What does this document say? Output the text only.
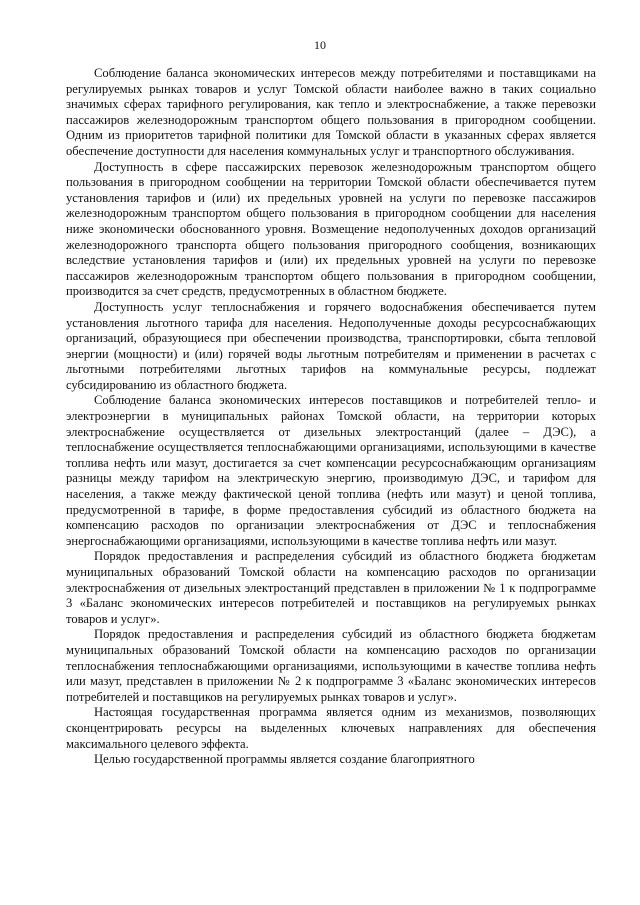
10

Соблюдение баланса экономических интересов между потребителями и поставщиками на регулируемых рынках товаров и услуг Томской области наиболее важно в таких социально значимых сферах тарифного регулирования, как тепло и электроснабжение, а также перевозки пассажиров железнодорожным транспортом общего пользования в пригородном сообщении. Одним из приоритетов тарифной политики для Томской области в указанных сферах является обеспечение доступности для населения коммунальных услуг и транспортного обслуживания.

Доступность в сфере пассажирских перевозок железнодорожным транспортом общего пользования в пригородном сообщении на территории Томской области обеспечивается путем установления тарифов и (или) их предельных уровней на услуги по перевозке пассажиров железнодорожным транспортом общего пользования в пригородном сообщении для населения ниже экономически обоснованного уровня. Возмещение недополученных доходов организаций железнодорожного транспорта общего пользования пригородного сообщения, возникающих вследствие установления тарифов и (или) их предельных уровней на услуги по перевозке пассажиров железнодорожным транспортом общего пользования в пригородном сообщении, производится за счет средств, предусмотренных в областном бюджете.

Доступность услуг теплоснабжения и горячего водоснабжения обеспечивается путем установления льготного тарифа для населения. Недополученные доходы ресурсоснабжающих организаций, образующиеся при обеспечении производства, транспортировки, сбыта тепловой энергии (мощности) и (или) горячей воды льготным потребителям и применении в расчетах с льготными потребителями льготных тарифов на коммунальные ресурсы, подлежат субсидированию из областного бюджета.

Соблюдение баланса экономических интересов поставщиков и потребителей тепло- и электроэнергии в муниципальных районах Томской области, на территории которых электроснабжение осуществляется от дизельных электростанций (далее – ДЭС), а теплоснабжение осуществляется теплоснабжающими организациями, использующими в качестве топлива нефть или мазут, достигается за счет компенсации ресурсоснабжающим организациям разницы между тарифом на электрическую энергию, производимую ДЭС, и тарифом для населения, а также между фактической ценой топлива (нефть или мазут) и ценой топлива, предусмотренной в тарифе, в форме предоставления субсидий из областного бюджета на компенсацию расходов по организации электроснабжения от ДЭС и теплоснабжения энергоснабжающими организациями, использующими в качестве топлива нефть или мазут.

Порядок предоставления и распределения субсидий из областного бюджета бюджетам муниципальных образований Томской области на компенсацию расходов по организации электроснабжения от дизельных электростанций представлен в приложении № 1 к подпрограмме 3 «Баланс экономических интересов потребителей и поставщиков на регулируемых рынках товаров и услуг».

Порядок предоставления и распределения субсидий из областного бюджета бюджетам муниципальных образований Томской области на компенсацию расходов по организации теплоснабжения теплоснабжающими организациями, использующими в качестве топлива нефть или мазут, представлен в приложении № 2 к подпрограмме 3 «Баланс экономических интересов потребителей и поставщиков на регулируемых рынках товаров и услуг».

Настоящая государственная программа является одним из механизмов, позволяющих сконцентрировать ресурсы на выделенных ключевых направлениях для обеспечения максимального целевого эффекта.

Целью государственной программы является создание благоприятного
